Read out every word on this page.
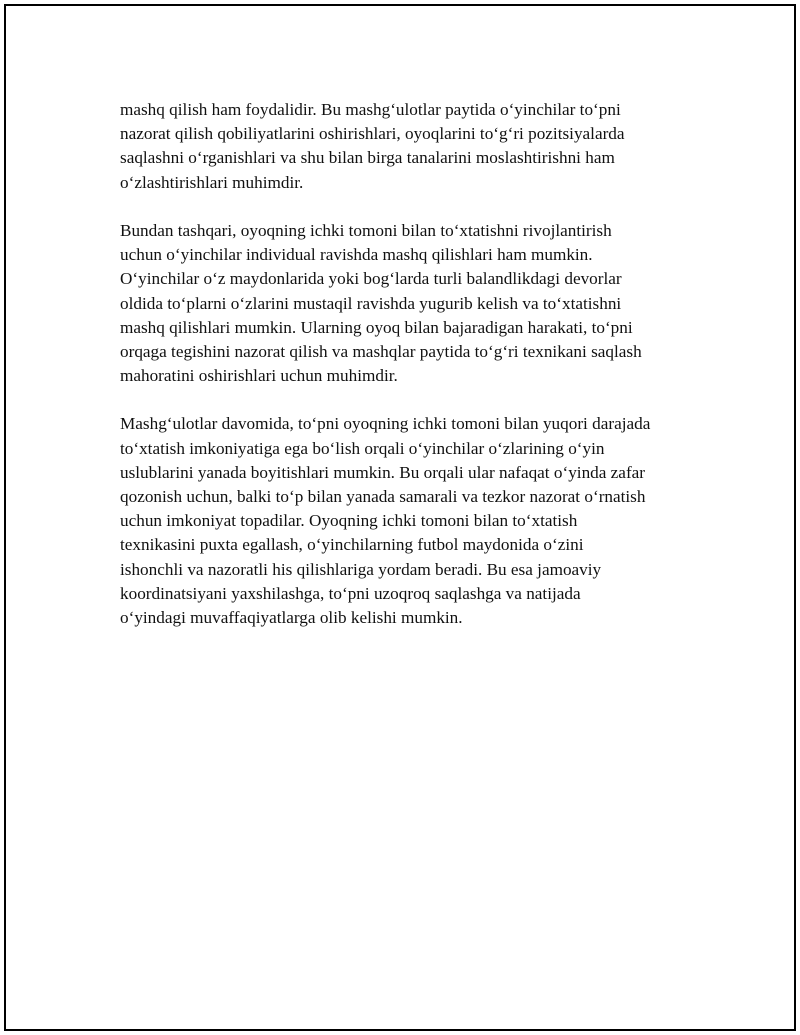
mashq qilish ham foydalidir. Bu mashg‘ulotlar paytida o‘yinchilar to‘pni
nazorat qilish qobiliyatlarini oshirishlari, oyoqlarini to‘g‘ri pozitsiyalarda
saqlashni o‘rganishlari va shu bilan birga tanalarini moslashtirishni ham
o‘zlashtirishlari muhimdir.
Bundan tashqari, oyoqning ichki tomoni bilan to‘xtatishni rivojlantirish
uchun o‘yinchilar individual ravishda mashq qilishlari ham mumkin.
O‘yinchilar o‘z maydonlarida yoki bog‘larda turli balandlikdagi devorlar
oldida to‘plarni o‘zlarini mustaqil ravishda yugurib kelish va to‘xtatishni
mashq qilishlari mumkin. Ularning oyoq bilan bajaradigan harakati, to‘pni
orqaga tegishini nazorat qilish va mashqlar paytida to‘g‘ri texnikani saqlash
mahoratini oshirishlari uchun muhimdir.
Mashg‘ulotlar davomida, to‘pni oyoqning ichki tomoni bilan yuqori darajada
to‘xtatish imkoniyatiga ega bo‘lish orqali o‘yinchilar o‘zlarining o‘yin
uslublarini yanada boyitishlari mumkin. Bu orqali ular nafaqat o‘yinda zafar
qozonish uchun, balki to‘p bilan yanada samarali va tezkor nazorat o‘rnatish
uchun imkoniyat topadilar. Oyoqning ichki tomoni bilan to‘xtatish
texnikasini puxta egallash, o‘yinchilarning futbol maydonida o‘zini
ishonchli va nazoratli his qilishlariga yordam beradi. Bu esa jamoaviy
koordinatsiyani yaxshilashga, to‘pni uzoqroq saqlashga va natijada
o‘yindagi muvaffaqiyatlarga olib kelishi mumkin.
